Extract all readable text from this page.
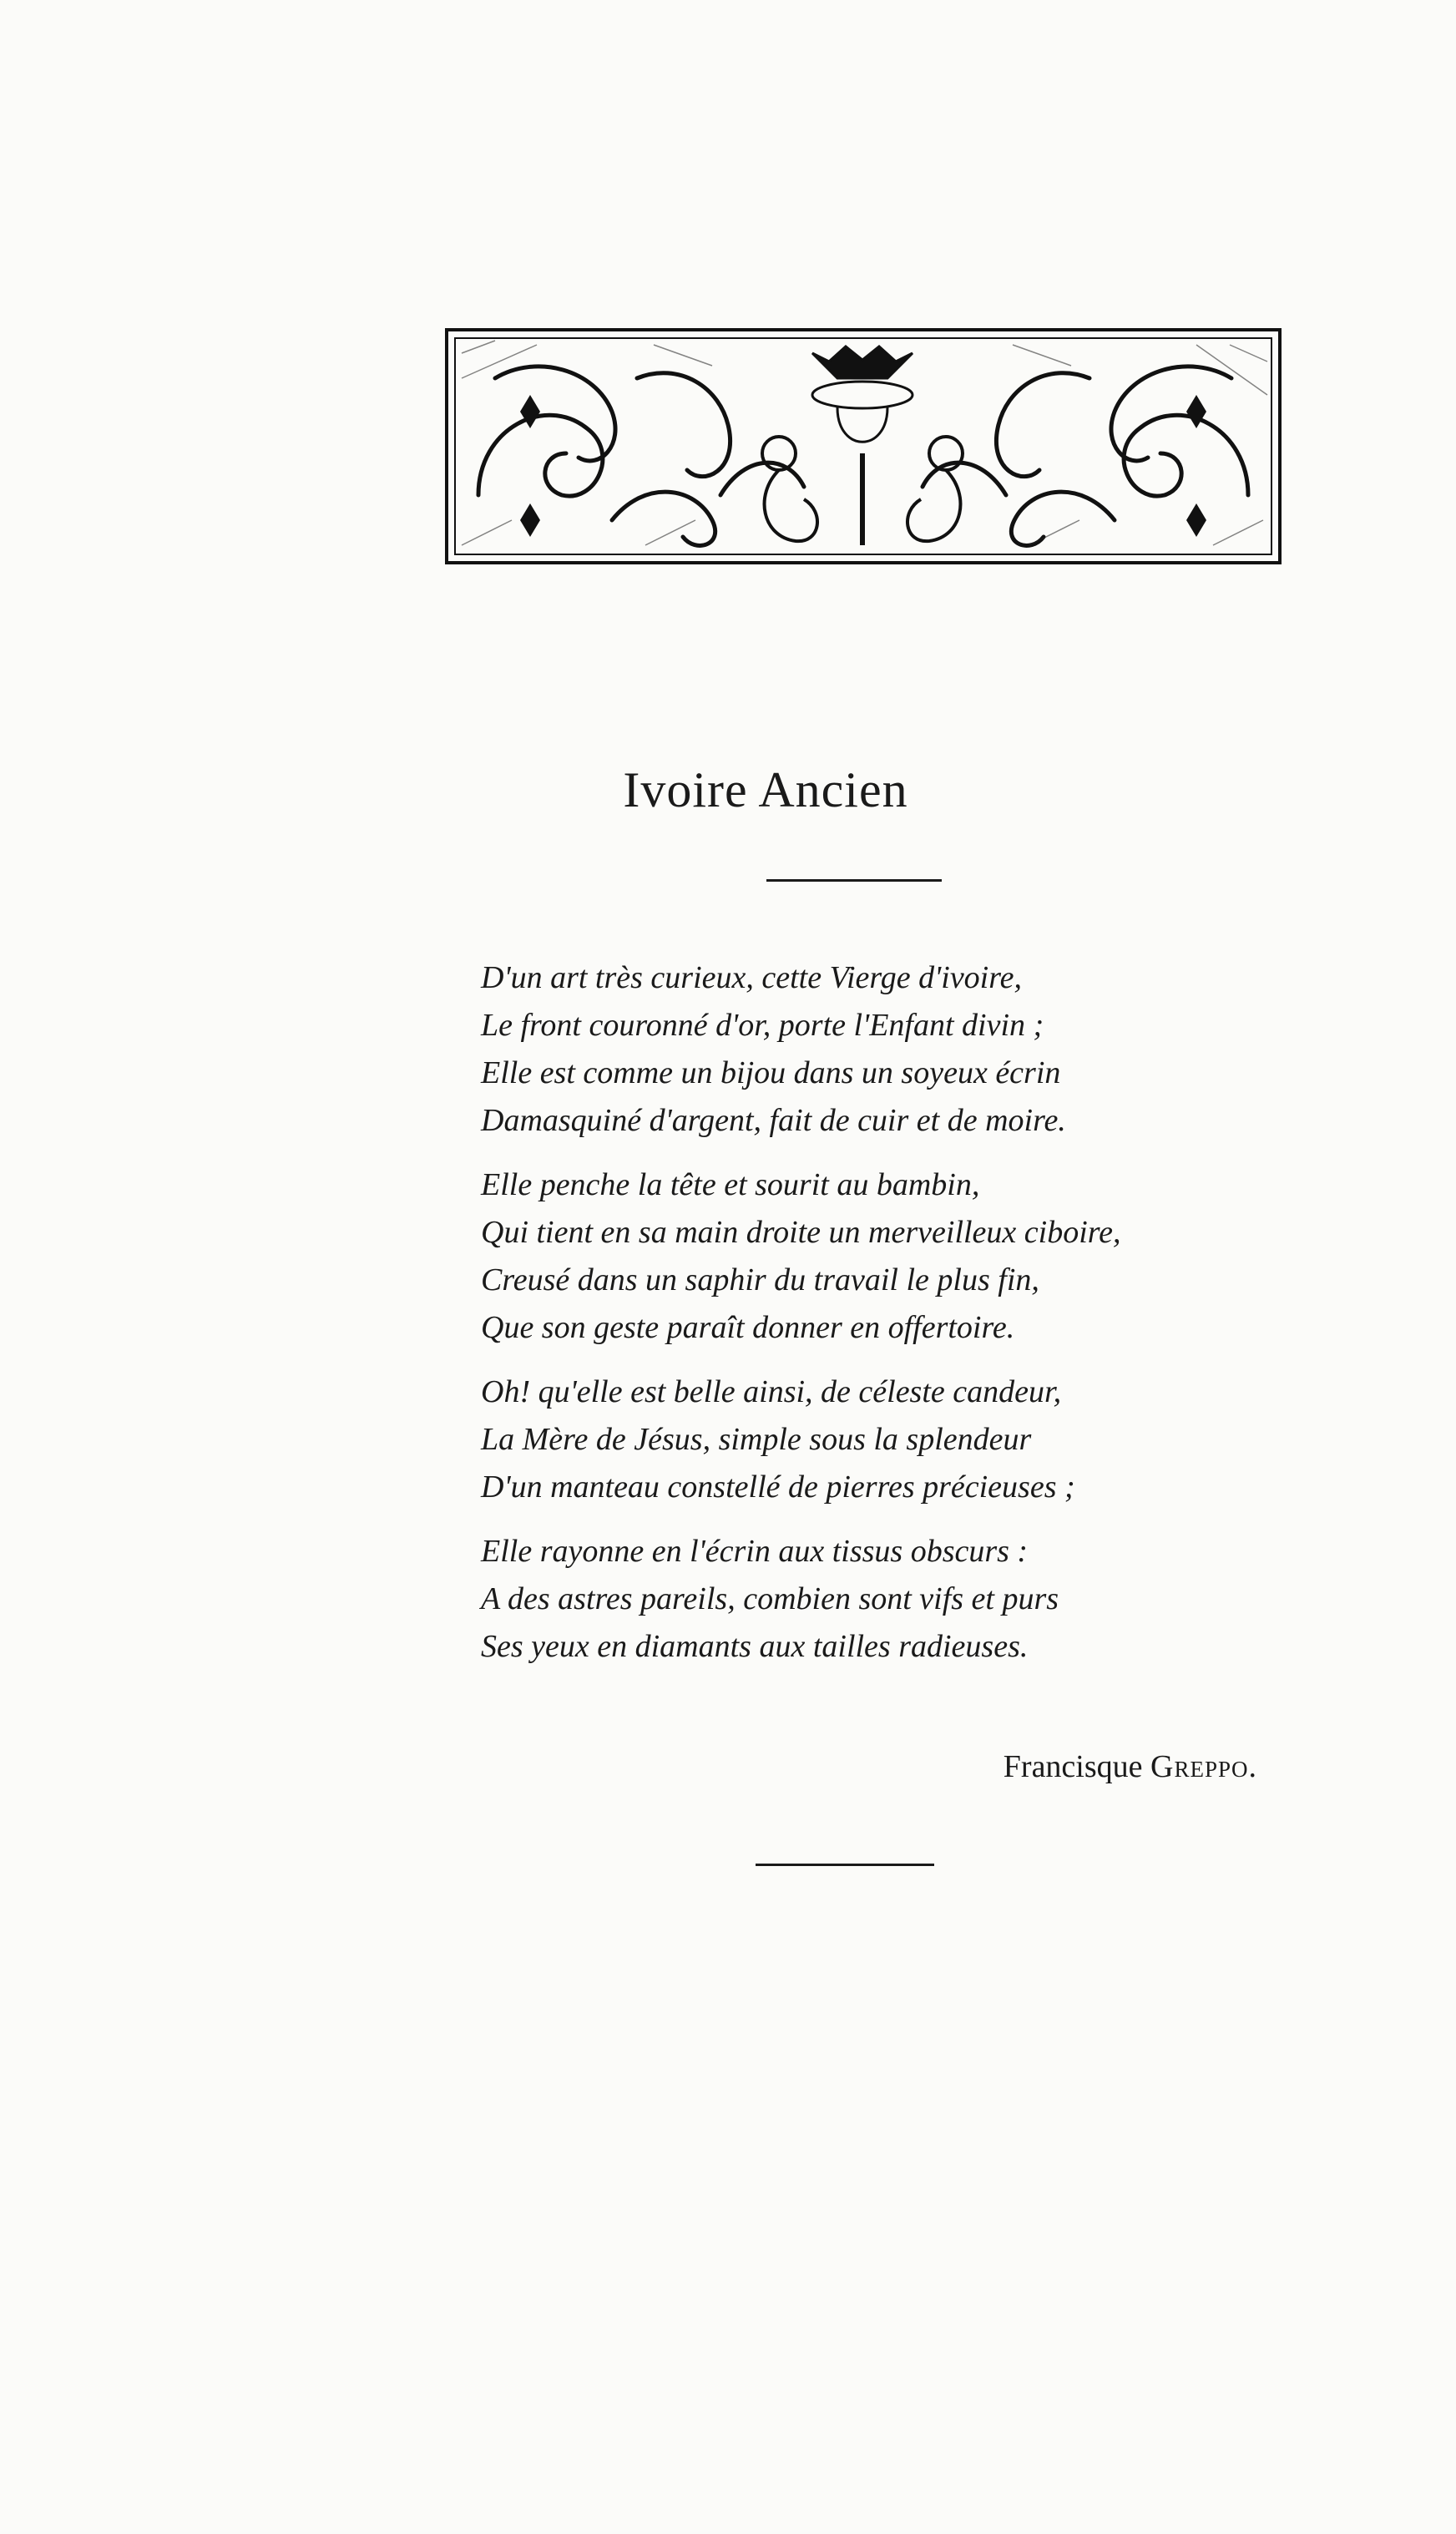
Ivoire Ancien
D'un art très curieux, cette Vierge d'ivoire,
Le front couronné d'or, porte l'Enfant divin ;
Elle est comme un bijou dans un soyeux écrin
Damasquiné d'argent, fait de cuir et de moire.
Elle penche la tête et sourit au bambin,
Qui tient en sa main droite un merveilleux ciboire,
Creusé dans un saphir du travail le plus fin,
Que son geste paraît donner en offertoire.
Oh! qu'elle est belle ainsi, de céleste candeur,
La Mère de Jésus, simple sous la splendeur
D'un manteau constellé de pierres précieuses ;
Elle rayonne en l'écrin aux tissus obscurs :
A des astres pareils, combien sont vifs et purs
Ses yeux en diamants aux tailles radieuses.
Francisque Greppo.
